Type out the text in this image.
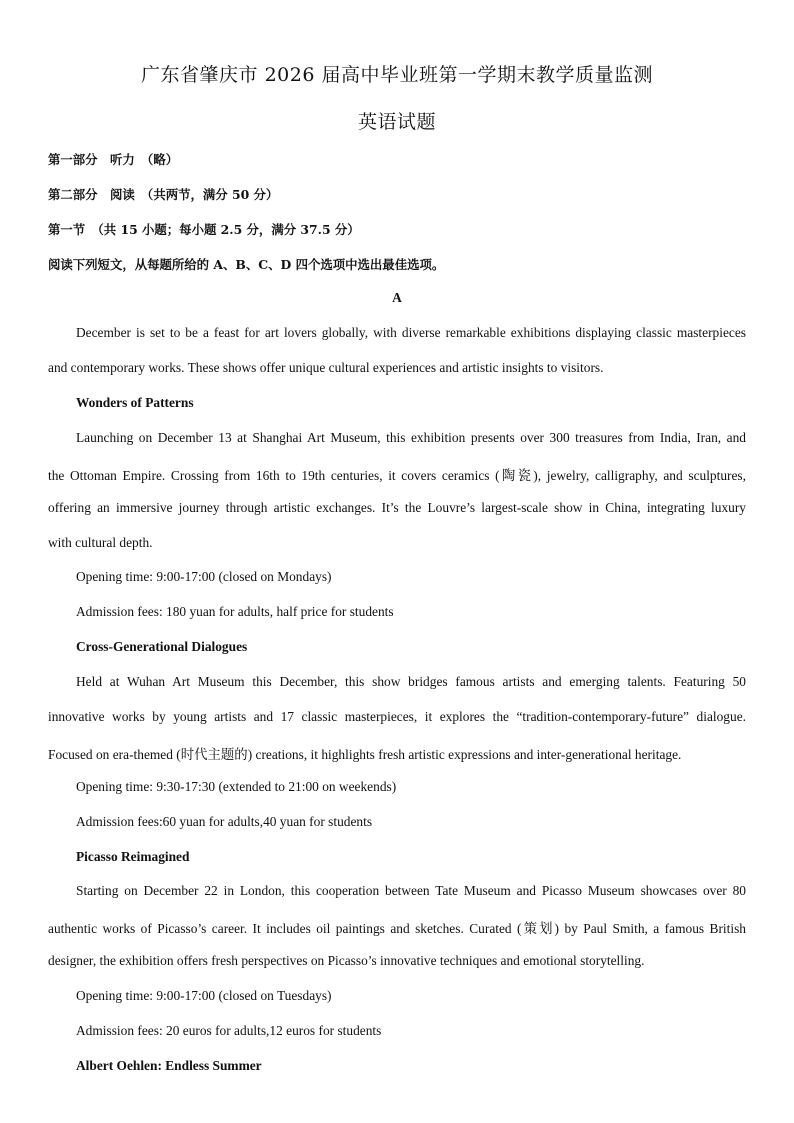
广东省肇庆市 2026 届高中毕业班第一学期末教学质量监测
英语试题
第一部分　听力　（略）
第二部分　阅读　（共两节，满分 50 分）
第一节　（共 15 小题；每小题 2.5 分，满分 37.5 分）
阅读下列短文，从每题所给的 A、B、C、D 四个选项中选出最佳选项。
A
December is set to be a feast for art lovers globally, with diverse remarkable exhibitions displaying classic masterpieces
and contemporary works. These shows offer unique cultural experiences and artistic insights to visitors.
Wonders of Patterns
Launching on December 13 at Shanghai Art Museum, this exhibition presents over 300 treasures from India, Iran, and
the Ottoman Empire. Crossing from 16th to 19th centuries, it covers ceramics (陶瓷), jewelry, calligraphy, and sculptures,
offering an immersive journey through artistic exchanges. It’s the Louvre’s largest-scale show in China, integrating luxury
with cultural depth.
Opening time: 9:00-17:00 (closed on Mondays)
Admission fees: 180 yuan for adults, half price for students
Cross-Generational Dialogues
Held at Wuhan Art Museum this December, this show bridges famous artists and emerging talents. Featuring 50
innovative works by young artists and 17 classic masterpieces, it explores the “tradition-contemporary-future” dialogue.
Focused on era-themed (时代主题的) creations, it highlights fresh artistic expressions and inter-generational heritage.
Opening time: 9:30-17:30 (extended to 21:00 on weekends)
Admission fees:60 yuan for adults,40 yuan for students
Picasso Reimagined
Starting on December 22 in London, this cooperation between Tate Museum and Picasso Museum showcases over 80
authentic works of Picasso’s career. It includes oil paintings and sketches. Curated (策划) by Paul Smith, a famous British
designer, the exhibition offers fresh perspectives on Picasso’s innovative techniques and emotional storytelling.
Opening time: 9:00-17:00 (closed on Tuesdays)
Admission fees: 20 euros for adults,12 euros for students
Albert Oehlen: Endless Summer
